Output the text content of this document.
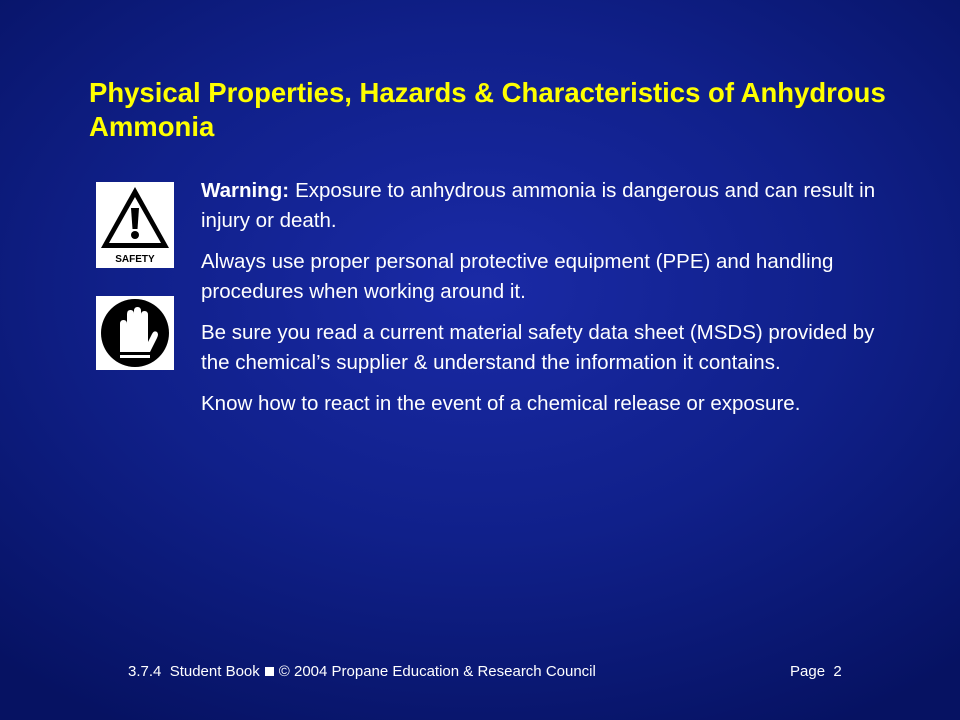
Physical Properties, Hazards & Characteristics of Anhydrous Ammonia
SAFETY

Warning: Exposure to anhydrous ammonia is dangerous and can result in injury or death.

Always use proper personal protective equipment (PPE) and handling procedures when working around it.

Be sure you read a current material safety data sheet (MSDS) provided by the chemical’s supplier & understand the information it contains.

Know how to react in the event of a chemical release or exposure.

3.7.4  Student Book © 2004 Propane Education & Research Council	Page  2
